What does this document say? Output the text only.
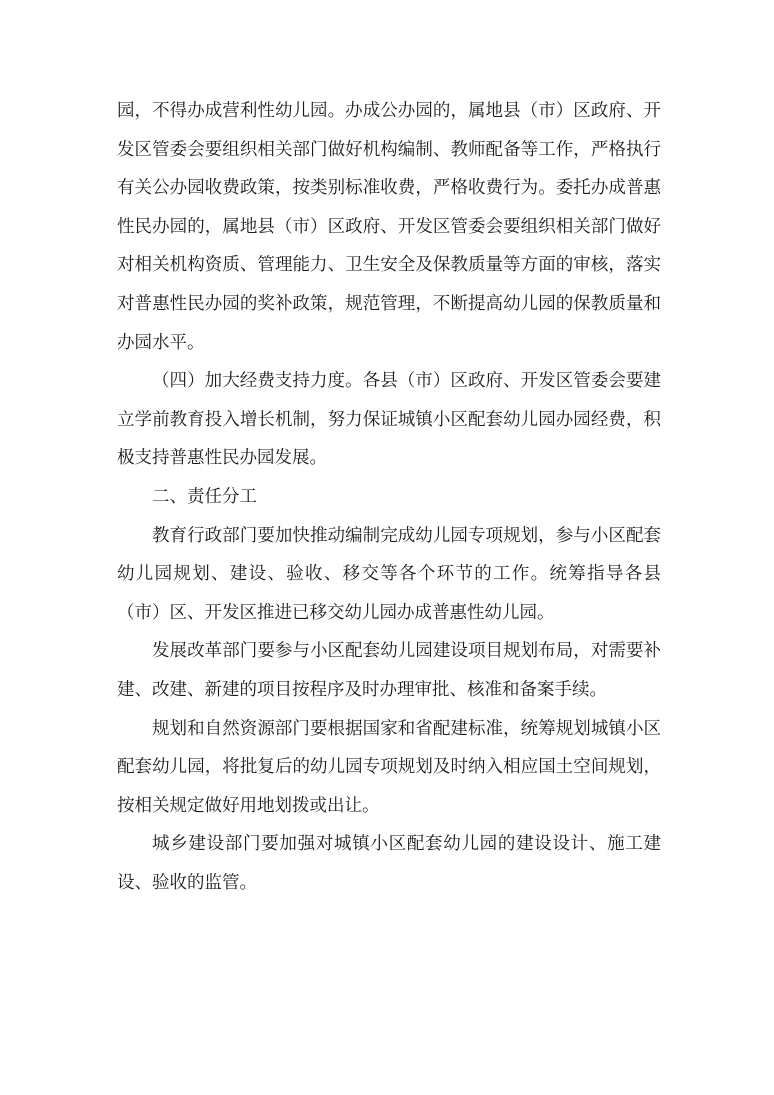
园，不得办成营利性幼儿园。办成公办园的，属地县（市）区政府、开发区管委会要组织相关部门做好机构编制、教师配备等工作，严格执行有关公办园收费政策，按类别标准收费，严格收费行为。委托办成普惠性民办园的，属地县（市）区政府、开发区管委会要组织相关部门做好对相关机构资质、管理能力、卫生安全及保教质量等方面的审核，落实对普惠性民办园的奖补政策，规范管理，不断提高幼儿园的保教质量和办园水平。

（四）加大经费支持力度。各县（市）区政府、开发区管委会要建立学前教育投入增长机制，努力保证城镇小区配套幼儿园办园经费，积极支持普惠性民办园发展。

二、责任分工

教育行政部门要加快推动编制完成幼儿园专项规划，参与小区配套幼儿园规划、建设、验收、移交等各个环节的工作。统筹指导各县（市）区、开发区推进已移交幼儿园办成普惠性幼儿园。

发展改革部门要参与小区配套幼儿园建设项目规划布局，对需要补建、改建、新建的项目按程序及时办理审批、核准和备案手续。

规划和自然资源部门要根据国家和省配建标准，统筹规划城镇小区配套幼儿园，将批复后的幼儿园专项规划及时纳入相应国土空间规划，按相关规定做好用地划拨或出让。

城乡建设部门要加强对城镇小区配套幼儿园的建设设计、施工建设、验收的监管。
